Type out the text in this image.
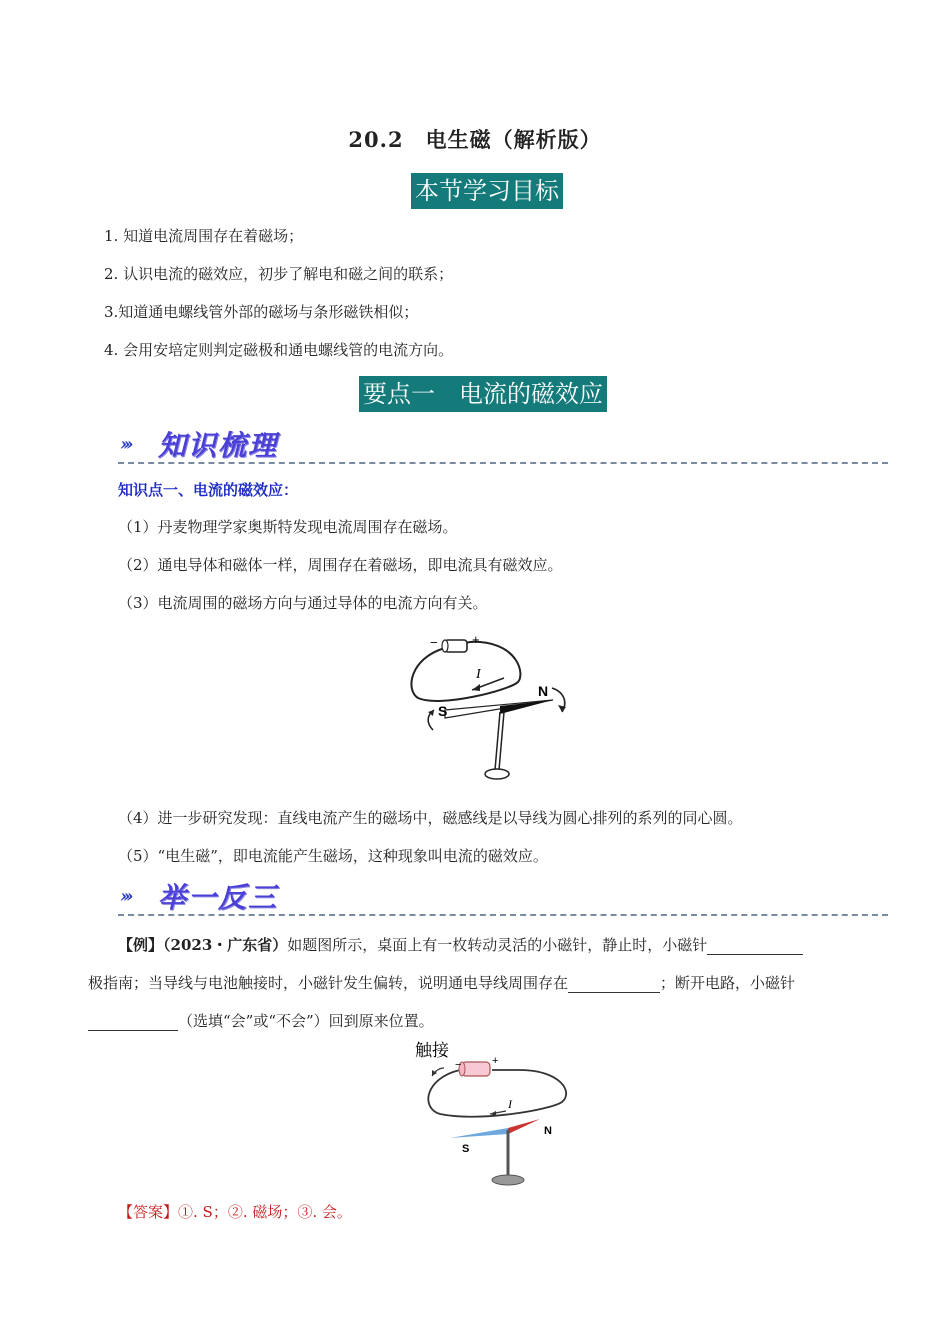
20.2　电生磁（解析版）
本节学习目标
1. 知道电流周围存在着磁场；
2. 认识电流的磁效应，初步了解电和磁之间的联系；
3.知道通电螺线管外部的磁场与条形磁铁相似；
4. 会用安培定则判定磁极和通电螺线管的电流方向。
要点一　电流的磁效应
››› 知识梳理
知识点一、电流的磁效应：
（1）丹麦物理学家奥斯特发现电流周围存在磁场。
（2）通电导体和磁体一样，周围存在着磁场，即电流具有磁效应。
（3）电流周围的磁场方向与通过导体的电流方向有关。
−	+
I
S
N
（4）进一步研究发现：直线电流产生的磁场中，磁感线是以导线为圆心排列的系列的同心圆。
（5）“电生磁”，即电流能产生磁场，这种现象叫电流的磁效应。
››› 举一反三
【例】（2023・广东省）如题图所示，桌面上有一枚转动灵活的小磁针，静止时，小磁针
极指南；当导线与电池触接时，小磁针发生偏转，说明通电导线周围存在	；断开电路，小磁针
（选填“会”或“不会”）回到原来位置。
触接
−	+
I
S
N
【答案】①. S；②. 磁场；③. 会。
